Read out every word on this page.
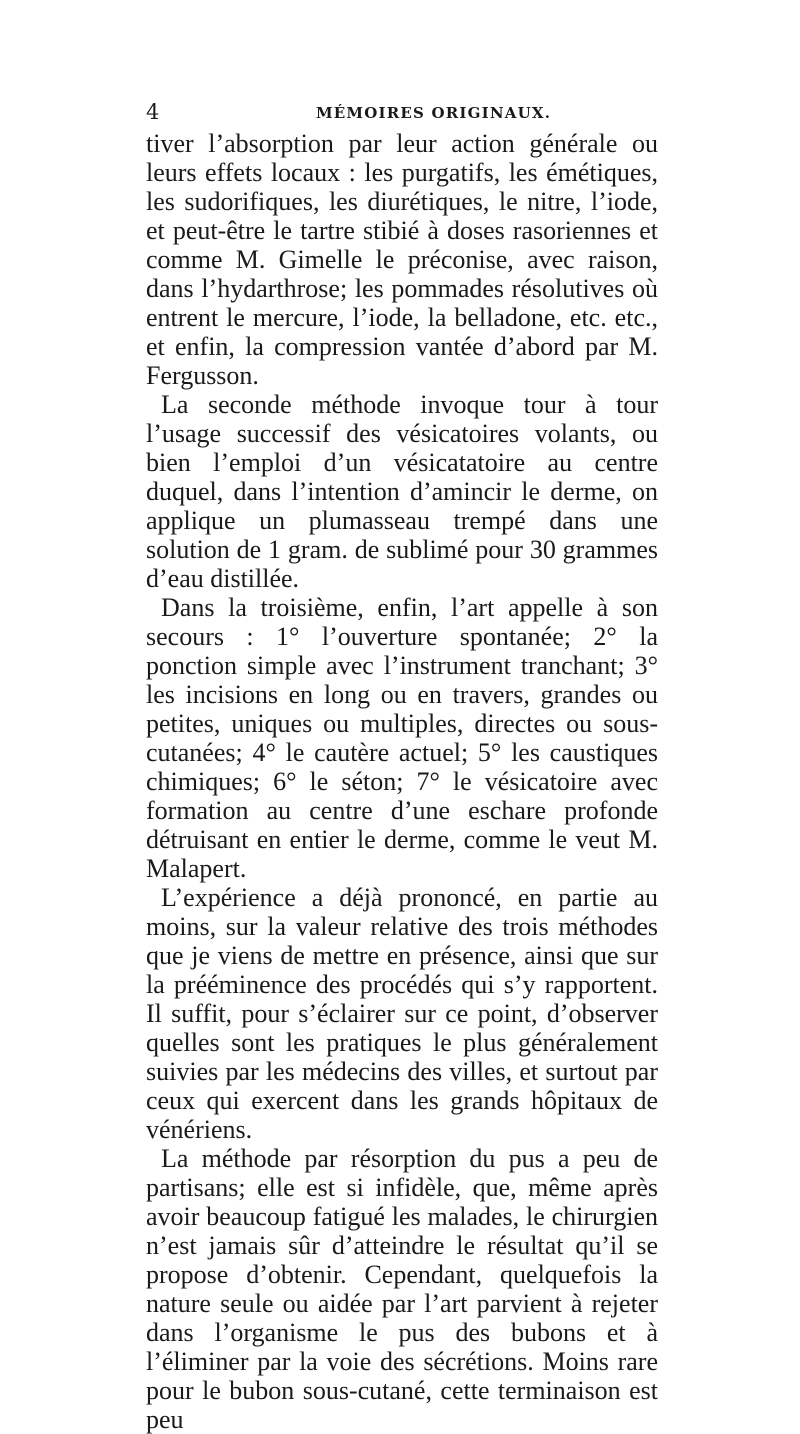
4	MÉMOIRES ORIGINAUX.

tiver l’absorption par leur action générale ou leurs effets locaux : les purgatifs, les émétiques, les sudorifiques, les diurétiques, le nitre, l’iode, et peut-être le tartre stibié à doses rasoriennes et comme M. Gimelle le préconise, avec raison, dans l’hydarthrose; les pommades résolutives où entrent le mercure, l’iode, la belladone, etc. etc., et enfin, la compression vantée d’abord par M. Fergusson.

La seconde méthode invoque tour à tour l’usage successif des vésicatoires volants, ou bien l’emploi d’un vésicatatoire au centre duquel, dans l’intention d’amincir le derme, on applique un plumasseau trempé dans une solution de 1 gram. de sublimé pour 30 grammes d’eau distillée.

Dans la troisième, enfin, l’art appelle à son secours : 1° l’ouverture spontanée; 2° la ponction simple avec l’instrument tranchant; 3° les incisions en long ou en travers, grandes ou petites, uniques ou multiples, directes ou sous-cutanées; 4° le cautère actuel; 5° les caustiques chimiques; 6° le séton; 7° le vésicatoire avec formation au centre d’une eschare profonde détruisant en entier le derme, comme le veut M. Malapert.

L’expérience a déjà prononcé, en partie au moins, sur la valeur relative des trois méthodes que je viens de mettre en présence, ainsi que sur la prééminence des procédés qui s’y rapportent. Il suffit, pour s’éclairer sur ce point, d’observer quelles sont les pratiques le plus généralement suivies par les médecins des villes, et surtout par ceux qui exercent dans les grands hôpitaux de vénériens.

La méthode par résorption du pus a peu de partisans; elle est si infidèle, que, même après avoir beaucoup fatigué les malades, le chirurgien n’est jamais sûr d’atteindre le résultat qu’il se propose d’obtenir. Cependant, quelquefois la nature seule ou aidée par l’art parvient à rejeter dans l’organisme le pus des bubons et à l’éliminer par la voie des sécrétions. Moins rare pour le bubon sous-cutané, cette terminaison est peu
